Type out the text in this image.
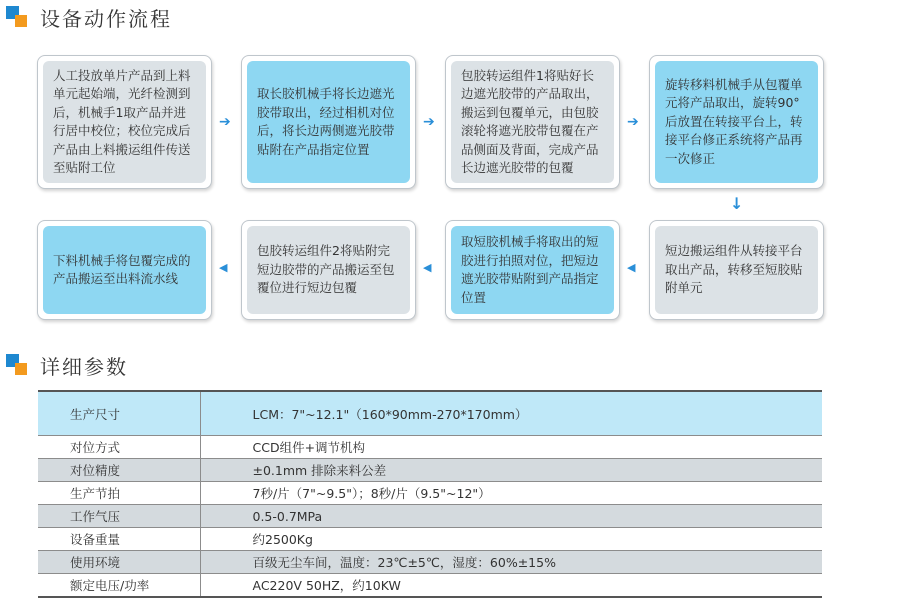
设备动作流程
人工投放单片产品到上料单元起始端，光纤检测到后，机械手1取产品并进行居中校位；校位完成后产品由上料搬运组件传送至贴附工位
➔
取长胶机械手将长边遮光胶带取出，经过相机对位后，将长边两侧遮光胶带贴附在产品指定位置
➔
包胶转运组件1将贴好长边遮光胶带的产品取出，搬运到包覆单元，由包胶滚轮将遮光胶带包覆在产品侧面及背面，完成产品长边遮光胶带的包覆
➔
旋转移料机械手从包覆单元将产品取出，旋转90°后放置在转接平台上，转接平台修正系统将产品再一次修正
↓
短边搬运组件从转接平台取出产品，转移至短胶贴附单元
◀
取短胶机械手将取出的短胶进行拍照对位，把短边遮光胶带贴附到产品指定位置
◀
包胶转运组件2将贴附完短边胶带的产品搬运至包覆位进行短边包覆
◀
下料机械手将包覆完成的产品搬运至出料流水线
详细参数
生产尺寸	LCM：7"~12.1"（160*90mm-270*170mm）
对位方式	CCD组件+调节机构
对位精度	±0.1mm 排除来料公差
生产节拍	7秒/片（7"~9.5"）；8秒/片（9.5"~12"）
工作气压	0.5-0.7MPa
设备重量	约2500Kg
使用环境	百级无尘车间，温度：23℃±5℃，湿度：60%±15%
额定电压/功率	AC220V 50HZ，约10KW
